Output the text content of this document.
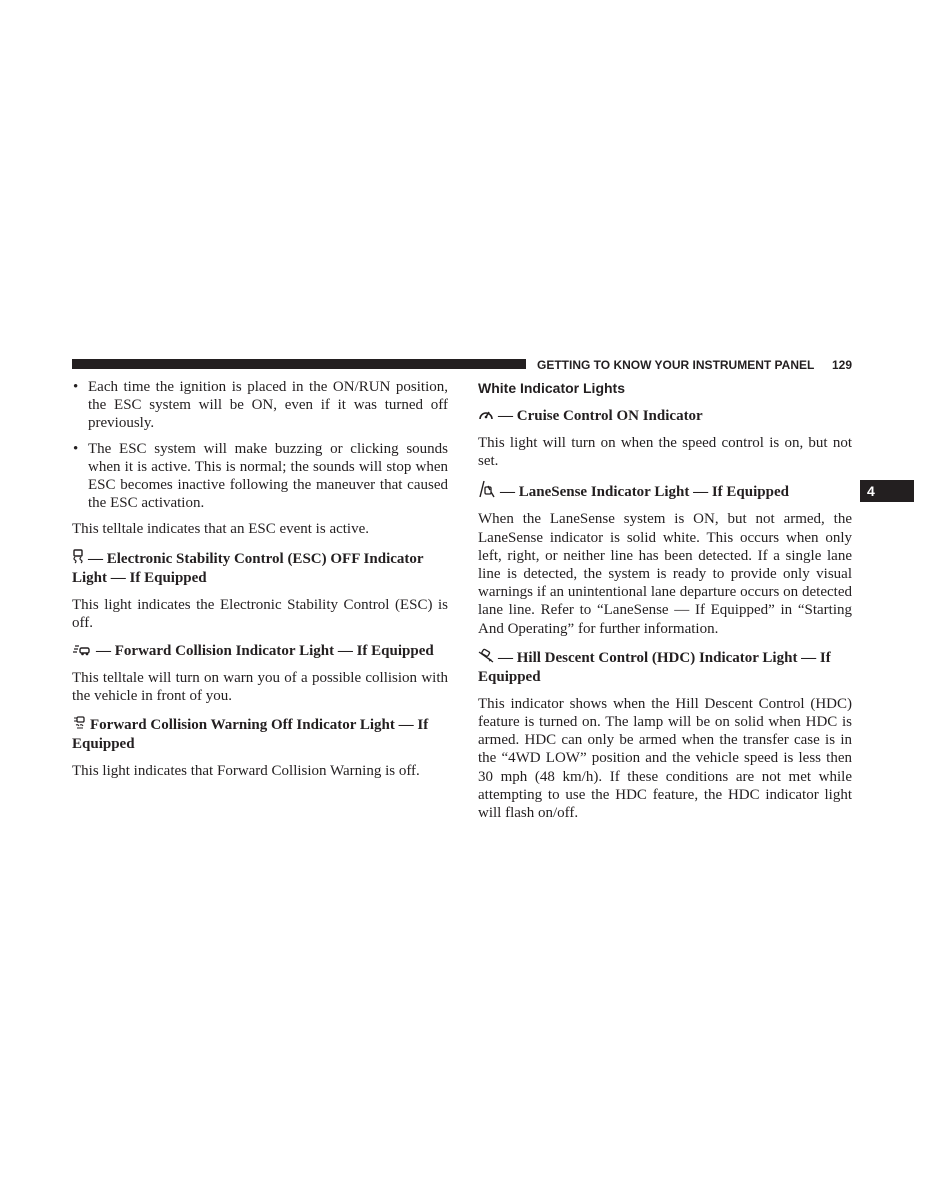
GETTING TO KNOW YOUR INSTRUMENT PANEL 129
4
• Each time the ignition is placed in the ON/RUN position, the ESC system will be ON, even if it was turned off previously.
• The ESC system will make buzzing or clicking sounds when it is active. This is normal; the sounds will stop when ESC becomes inactive following the maneuver that caused the ESC activation.

This telltale indicates that an ESC event is active.

— Electronic Stability Control (ESC) OFF Indicator Light — If Equipped

This light indicates the Electronic Stability Control (ESC) is off.

— Forward Collision Indicator Light — If Equipped

This telltale will turn on warn you of a possible collision with the vehicle in front of you.

Forward Collision Warning Off Indicator Light — If Equipped

This light indicates that Forward Collision Warning is off.

White Indicator Lights
— Cruise Control ON Indicator

This light will turn on when the speed control is on, but not set.

— LaneSense Indicator Light — If Equipped

When the LaneSense system is ON, but not armed, the LaneSense indicator is solid white. This occurs when only left, right, or neither line has been detected. If a single lane line is detected, the system is ready to provide only visual warnings if an unintentional lane departure occurs on detected lane line. Refer to “LaneSense — If Equipped” in “Starting And Operating” for further information.

— Hill Descent Control (HDC) Indicator Light — If Equipped

This indicator shows when the Hill Descent Control (HDC) feature is turned on. The lamp will be on solid when HDC is armed. HDC can only be armed when the transfer case is in the “4WD LOW” position and the vehicle speed is less then 30 mph (48 km/h). If these conditions are not met while attempting to use the HDC feature, the HDC indicator light will flash on/off.
